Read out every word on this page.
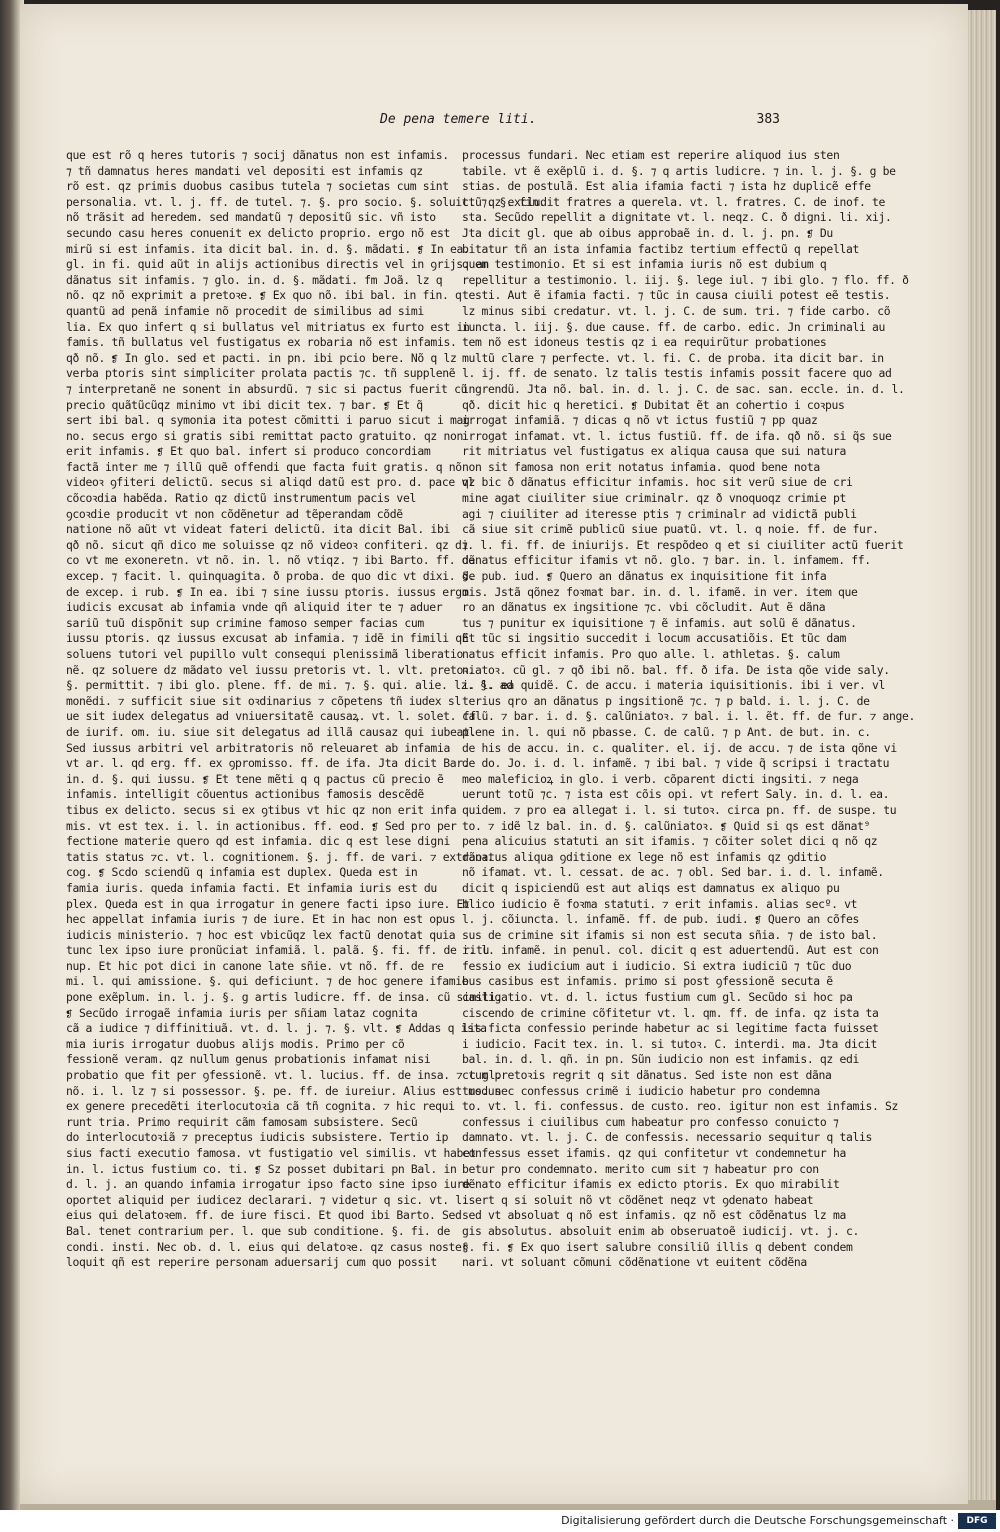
De pena temere liti.	383
que est rõ q heres tutoris ⁊ socij dãnatus non est infamis.
⁊ tñ damnatus heres mandati vel depositi est infamis qz
rõ est. qz primis duobus casibus tutela ⁊ societas cum sint
personalia. vt. l. j. ff. de tutel. ⁊. §. pro socio. §. soluit. ⁊. §. fin.
nõ trãsit ad heredem. sed mandatũ ⁊ depositũ sic. vñ isto
secundo casu heres conuenit ex delicto proprio. ergo nõ est
mirũ si est infamis. ita dicit bal. in. d. §. mãdati. ❡ In ea.
gl. in fi. quid aũt in alijs actionibus directis vel in ꝯrijs. an
dãnatus sit infamis. ⁊ glo. in. d. §. mãdati. fm Joã. lz q
nõ. qz nõ exprimit a pretoꝛe. ❡ Ex quo nõ. ibi bal. in fin. q
quantũ ad penã infamie nõ procedit de similibus ad simi
lia. Ex quo infert q si bullatus vel mitriatus ex furto est in
famis. tñ bullatus vel fustigatus ex robaria nõ est infamis.
qð nõ. ❡ In glo. sed et pacti. in pn. ibi pcio bere. Nõ q lz
verba ptoris sint simpliciter prolata pactis ⁊c. tñ supplenẽ
⁊ interpretanẽ ne sonent in absurdũ. ⁊ sic si pactus fuerit cũ
precio quãtũcũqz minimo vt ibi dicit tex. ⁊ bar. ❡ Et q̃
sert ibi bal. q symonia ita potest cõmitti i paruo sicut i mag
no. secus ergo si gratis sibi remittat pacto gratuito. qz non
erit infamis. ❡ Et quo bal. infert si produco concordiam
factã inter me ⁊ illũ quẽ offendi que facta fuit gratis. q nõ
videoꝛ ꝯfiteri delictũ. secus si aliqd datũ est pro. d. pace vl
cõcoꝛdia habẽda. Ratio qz dictũ instrumentum pacis vel
ꝯcoꝛdie producit vt non cõdẽnetur ad tẽperandam cõdẽ
natione nõ aũt vt videat fateri delictũ. ita dicit Bal. ibi
qð nõ. sicut qñ dico me soluisse qz nõ videoꝛ confiteri. qz di
co vt me exoneretn. vt nõ. in. l. nõ vtiqz. ⁊ ibi Barto. ff. de
excep. ⁊ facit. l. quinquagita. ð proba. de quo dic vt dixi. §.
de excep. i rub. ❡ In ea. ibi ⁊ sine iussu ptoris. iussus ergo
iudicis excusat ab infamia vnde qñ aliquid iter te ⁊ aduer
sariũ tuũ dispõnit sup crimine famoso semper facias cum
iussu ptoris. qz iussus excusat ab infamia. ⁊ idẽ in fimili qñ
soluens tutori vel pupillo vult consequi plenissimã liberatio
nẽ. qz soluere dz mãdato vel iussu pretoris vt. l. vlt. pretoꝛ.
§. permittit. ⁊ ibi glo. plene. ff. de mi. ⁊. §. qui. alie. lz. §. ad
monẽdi. ⁊ sufficit siue sit oꝛdinarius ⁊ cõpetens tñ iudex sl
ue sit iudex delegatus ad vniuersitatẽ causaꝝ. vt. l. solet. ff
de iurif. om. iu. siue sit delegatus ad illã causaz qui iubeat.
Sed iussus arbitri vel arbitratoris nõ releuaret ab infamia
vt ar. l. qd erg. ff. ex ꝯpromisso. ff. de ifa. Jta dicit Bar.
in. d. §. qui iussu. ❡ Et tene mẽti q q pactus cũ precio ẽ
infamis. intelligit cõuentus actionibus famosis descẽdẽ
tibus ex delicto. secus si ex ꝯtibus vt hic qz non erit infa
mis. vt est tex. i. l. in actionibus. ff. eod. ❡ Sed pro per
fectione materie quero qd est infamia. dic q est lese digni
tatis status ⁊c. vt. l. cognitionem. §. j. ff. de vari. ⁊ extraoꝛ.
cog. ❡ Scdo sciendũ q infamia est duplex. Queda est in
famia iuris. queda infamia facti. Et infamia iuris est du
plex. Queda est in qua irrogatur in genere facti ipso iure. Et
hec appellat infamia iuris ⁊ de iure. Et in hac non est opus
iudicis ministerio. ⁊ hoc est vbicũqz lex factũ denotat quia
tunc lex ipso iure pronũciat infamiã. l. palã. §. fi. ff. de ritu
nup. Et hic pot dici in canone late sñie. vt nõ. ff. de re
mi. l. qui amissione. §. qui deficiunt. ⁊ de hoc genere ifamie
pone exẽplum. in. l. j. §. g artis ludicre. ff. de insa. cũ simili.
❡ Secũdo irrogaẽ infamia iuris per sñiam lataz cognita
cã a iudice ⁊ diffinitiuã. vt. d. l. j. ⁊. §. vlt. ❡ Addas q ista
mia iuris irrogatur duobus alijs modis. Primo per cõ
fessionẽ veram. qz nullum genus probationis infamat nisi
probatio que fit per ꝯfessionẽ. vt. l. lucius. ff. de insa. ⁊ c gl.
nõ. i. l. lz ⁊ si possessor. §. pe. ff. de iureiur. Alius est modus
ex genere precedẽti iterlocutoꝛia cã tñ cognita. ⁊ hic requi
runt tria. Primo requirit cãm famosam subsistere. Secũ
do interlocutoꝛiã ⁊ preceptus iudicis subsistere. Tertio ip
sius facti executio famosa. vt fustigatio vel similis. vt habet
in. l. ictus fustium co. ti. ❡ Sz posset dubitari pn Bal. in
d. l. j. an quando infamia irrogatur ipso facto sine ipso iure
oportet aliquid per iudicez declarari. ⁊ videtur q sic. vt. l.
eius qui delatoꝛem. ff. de iure fisci. Et quod ibi Barto. Sed
Bal. tenet contrarium per. l. que sub conditione. §. fi. de
condi. insti. Nec ob. d. l. eius qui delatoꝛe. qz casus noster
loquit qñ est reperire personam aduersarij cum quo possit
processus fundari. Nec etiam est reperire aliquod ius sten
tabile. vt ẽ exẽplũ i. d. §. ⁊ q artis ludicre. ⁊ in. l. j. §. g be
stias. de postulã. Est alia ifamia facti ⁊ ista hz duplicẽ effe
ctũ qz excludit fratres a querela. vt. l. fratres. C. de inof. te
sta. Secũdo repellit a dignitate vt. l. neqz. C. ð digni. li. xij.
Jta dicit gl. que ab oibus approbaẽ in. d. l. j. pn. ❡ Du
bitatur tñ an ista infamia factibz tertium effectũ q repellat
quem testimonio. Et si est infamia iuris nõ est dubium q
repellitur a testimonio. l. iij. §. lege iul. ⁊ ibi glo. ⁊ flo. ff. ð
testi. Aut ẽ ifamia facti. ⁊ tũc in causa ciuili potest eẽ testis.
lz minus sibi credatur. vt. l. j. C. de sum. tri. ⁊ fide carbo. cõ
iuncta. l. iij. §. due cause. ff. de carbo. edic. Jn criminali au
tem nõ est idoneus testis qz i ea requirũtur probationes
multũ clare ⁊ perfecte. vt. l. fi. C. de proba. ita dicit bar. in
l. ij. ff. de senato. lz talis testis infamis possit facere quo ad
ingrendũ. Jta nõ. bal. in. d. l. j. C. de sac. san. eccle. in. d. l.
qð. dicit hic q heretici. ❡ Dubitat ẽt an cohertio i coꝛpus
irrogat infamiã. ⁊ dicas q nõ vt ictus fustiũ ⁊ pp quaz
irrogat infamat. vt. l. ictus fustiũ. ff. de ifa. qð nõ. si q̃s sue
rit mitriatus vel fustigatus ex aliqua causa que sui natura
non sit famosa non erit notatus infamia. quod bene nota
qz bic ð dãnatus efficitur infamis. hoc sit verũ siue de cri
mine agat ciuiliter siue criminalr. qz ð vnoquoqz crimie pt
agi ⁊ ciuiliter ad iteresse ptis ⁊ criminalr ad vidictã publi
cã siue sit crimẽ publicũ siue puatũ. vt. l. q noie. ff. de fur.
⁊. l. fi. ff. de iniurijs. Et respõdeo q et si ciuiliter actũ fuerit
dãnatus efficitur ifamis vt nõ. glo. ⁊ bar. in. l. infamem. ff.
de pub. iud. ❡ Quero an dãnatus ex inquisitione fit infa
mis. Jstã qõnez foꝛmat bar. in. d. l. ifamẽ. in ver. item que
ro an dãnatus ex ingsitione ⁊c. vbi cõcludit. Aut ẽ dãna
tus ⁊ punitur ex iquisitione ⁊ ẽ infamis. aut solũ ẽ dãnatus.
Et tũc si ingsitio succedit i locum accusatiõis. Et tũc dam
natus efficit infamis. Pro quo alle. l. athletas. §. calum
niatoꝛ. cũ gl. ⁊ qð ibi nõ. bal. ff. ð ifa. De ista qõe vide saly.
i. l. ea quidẽ. C. de accu. i materia iquisitionis. ibi i ver. vl
terius qro an dãnatus p ingsitionẽ ⁊c. ⁊ p bald. i. l. j. C. de
calũ. ⁊ bar. i. d. §. calũniatoꝛ. ⁊ bal. i. l. ẽt. ff. de fur. ⁊ ange.
plene in. l. qui nõ pbasse. C. de calũ. ⁊ p Ant. de but. in. c.
de his de accu. in. c. qualiter. el. ij. de accu. ⁊ de ista qõne vi
de do. Jo. i. d. l. infamẽ. ⁊ ibi bal. ⁊ vide q̃ scripsi i tractatu
meo maleficioꝝ in glo. i verb. cõparent dicti ingsiti. ⁊ nega
uerunt totũ ⁊c. ⁊ ista est cõis opi. vt refert Saly. in. d. l. ea.
quidem. ⁊ pro ea allegat i. l. si tutoꝛ. circa pn. ff. de suspe. tu
to. ⁊ idẽ lz bal. in. d. §. calũniatoꝛ. ❡ Quid si qs est dãnat⁹
pena alicuius statuti an sit ifamis. ⁊ cõiter solet dici q nõ qz
dãnatus aliqua ꝯditione ex lege nõ est infamis qz ꝯditio
nõ ifamat. vt. l. cessat. de ac. ⁊ obl. Sed bar. i. d. l. infamẽ.
dicit q ispiciendũ est aut aliqs est damnatus ex aliquo pu
blico iudicio ẽ foꝛma statuti. ⁊ erit infamis. alias secº. vt
l. j. cõiuncta. l. infamẽ. ff. de pub. iudi. ❡ Quero an cõfes
sus de crimine sit ifamis si non est secuta sñia. ⁊ de isto bal.
i. l. infamẽ. in penul. col. dicit q est aduertendũ. Aut est con
fessio ex iudicium aut i iudicio. Si extra iudiciũ ⁊ tũc duo
bus casibus est infamis. primo si post ꝯfessionẽ secuta ẽ
castigatio. vt. d. l. ictus fustium cum gl. Secũdo si hoc pa
ciscendo de crimine cõfitetur vt. l. qm. ff. de infa. qz ista ta
lis ficta confessio perinde habetur ac si legitime facta fuisset
i iudicio. Facit tex. in. l. si tutoꝛ. C. interdi. ma. Jta dicit
bal. in. d. l. qñ. in pn. Sũn iudicio non est infamis. qz edi
ctum pretoꝛis regrit q sit dãnatus. Sed iste non est dãna
tus. nec confessus crimẽ i iudicio habetur pro condemna
to. vt. l. fi. confessus. de custo. reo. igitur non est infamis. Sz
confessus i ciuilibus cum habeatur pro confesso conuicto ⁊
damnato. vt. l. j. C. de confessis. necessario sequitur q talis
confessus esset ifamis. qz qui confitetur vt condemnetur ha
betur pro condemnato. merito cum sit ⁊ habeatur pro con
dẽnato efficitur ifamis ex edicto ptoris. Ex quo mirabilit
isert q si soluit nõ vt cõdẽnet neqz vt ꝯdenato habeat
sed vt absoluat q nõ est infamis. qz nõ est cõdẽnatus lz ma
gis absolutus. absoluit enim ab obseruatoẽ iudicij. vt. j. c.
§. fi. ❡ Ex quo isert salubre consiliũ illis q debent condem
nari. vt soluant cõmuni cõdẽnatione vt euitent cõdẽna
Digitalisierung gefördert durch die Deutsche Forschungsgemeinschaft ·	DFG
